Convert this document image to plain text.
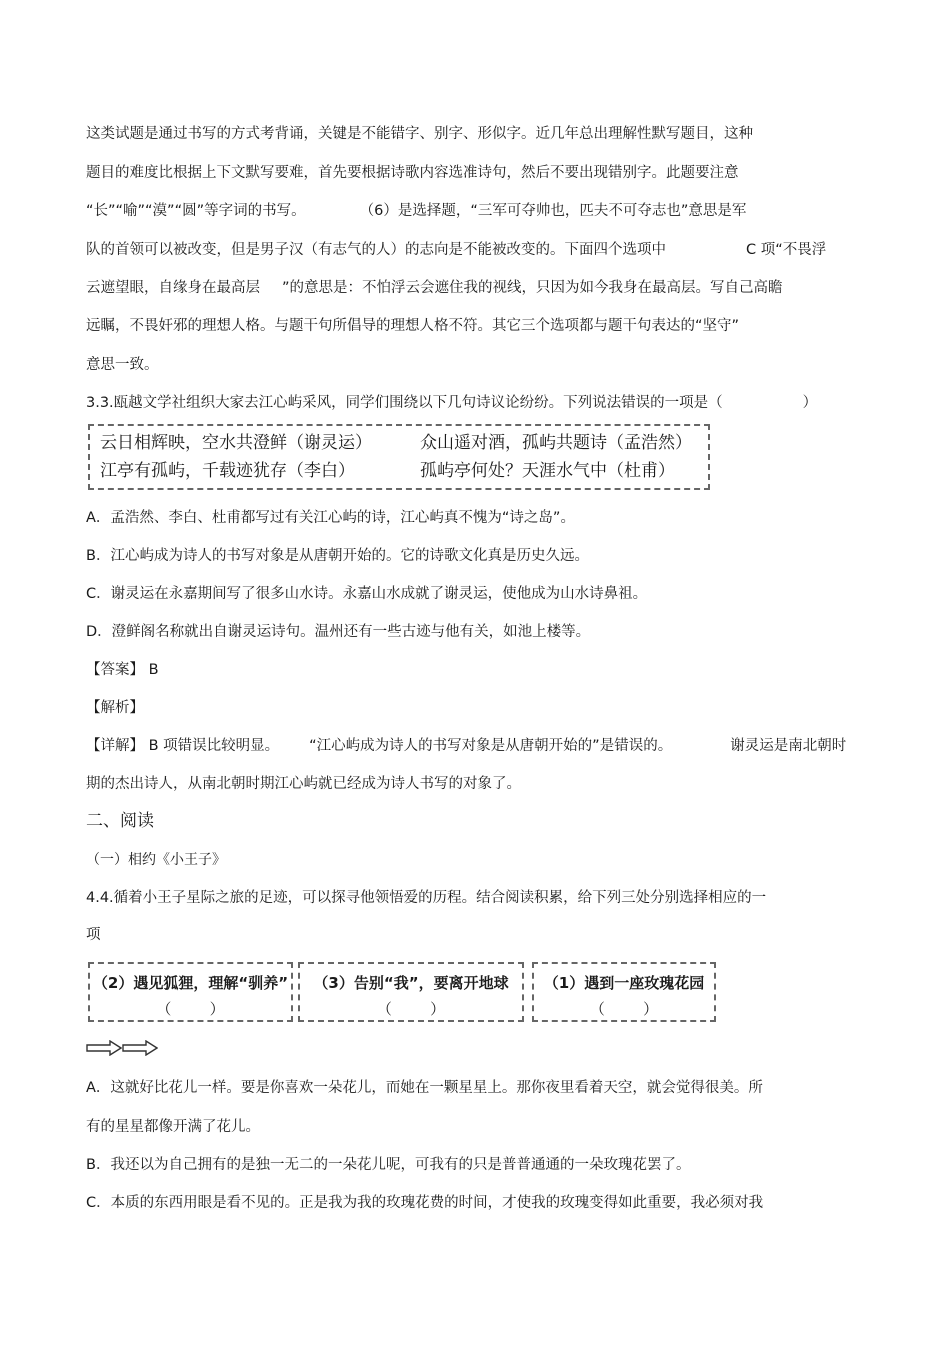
这类试题是通过书写的方式考背诵，关键是不能错字、别字、形似字。近几年总出理解性默写题目，这种
题目的难度比根据上下文默写要难，首先要根据诗歌内容选准诗句，然后不要出现错别字。此题要注意
“长”“喻”“漠”“圆”等字词的书写。	（6）是选择题，“三军可夺帅也，匹夫不可夺志也”意思是军
队的首领可以被改变，但是男子汉（有志气的人）的志向是不能被改变的。下面四个选项中	C 项“不畏浮
云遮望眼，自缘身在最高层 ”的意思是：不怕浮云会遮住我的视线，只因为如今我身在最高层。写自己高瞻
远瞩，不畏奸邪的理想人格。与题干句所倡导的理想人格不符。其它三个选项都与题干句表达的“坚守”
意思一致。
3.3.瓯越文学社组织大家去江心屿采风，同学们围绕以下几句诗议论纷纷。下列说法错误的一项是（	）
云日相辉映，空水共澄鲜（谢灵运）	众山遥对酒，孤屿共题诗（孟浩然）
江亭有孤屿，千载迹犹存（李白）	孤屿亭何处？天涯水气中（杜甫）
A．孟浩然、李白、杜甫都写过有关江心屿的诗，江心屿真不愧为“诗之岛”。
B．江心屿成为诗人的书写对象是从唐朝开始的。它的诗歌文化真是历史久远。
C．谢灵运在永嘉期间写了很多山水诗。永嘉山水成就了谢灵运，使他成为山水诗鼻祖。
D．澄鲜阁名称就出自谢灵运诗句。温州还有一些古迹与他有关，如池上楼等。
【答案】 B
【解析】
【详解】 B 项错误比较明显。 “江心屿成为诗人的书写对象是从唐朝开始的”是错误的。	谢灵运是南北朝时
期的杰出诗人，从南北朝时期江心屿就已经成为诗人书写的对象了。
二、阅读
（一）相约《小王子》
4.4.循着小王子星际之旅的足迹，可以探寻他领悟爱的历程。结合阅读积累，给下列三处分别选择相应的一
项
（2）遇见狐狸，理解“驯养”
（        ）
（3）告别“我”，要离开地球
（        ）
（1）遇到一座玫瑰花园
（        ）
A．这就好比花儿一样。要是你喜欢一朵花儿，而她在一颗星星上。那你夜里看着天空，就会觉得很美。所
有的星星都像开满了花儿。
B．我还以为自己拥有的是独一无二的一朵花儿呢，可我有的只是普普通通的一朵玫瑰花罢了。
C．本质的东西用眼是看不见的。正是我为我的玫瑰花费的时间，才使我的玫瑰变得如此重要，我必须对我
